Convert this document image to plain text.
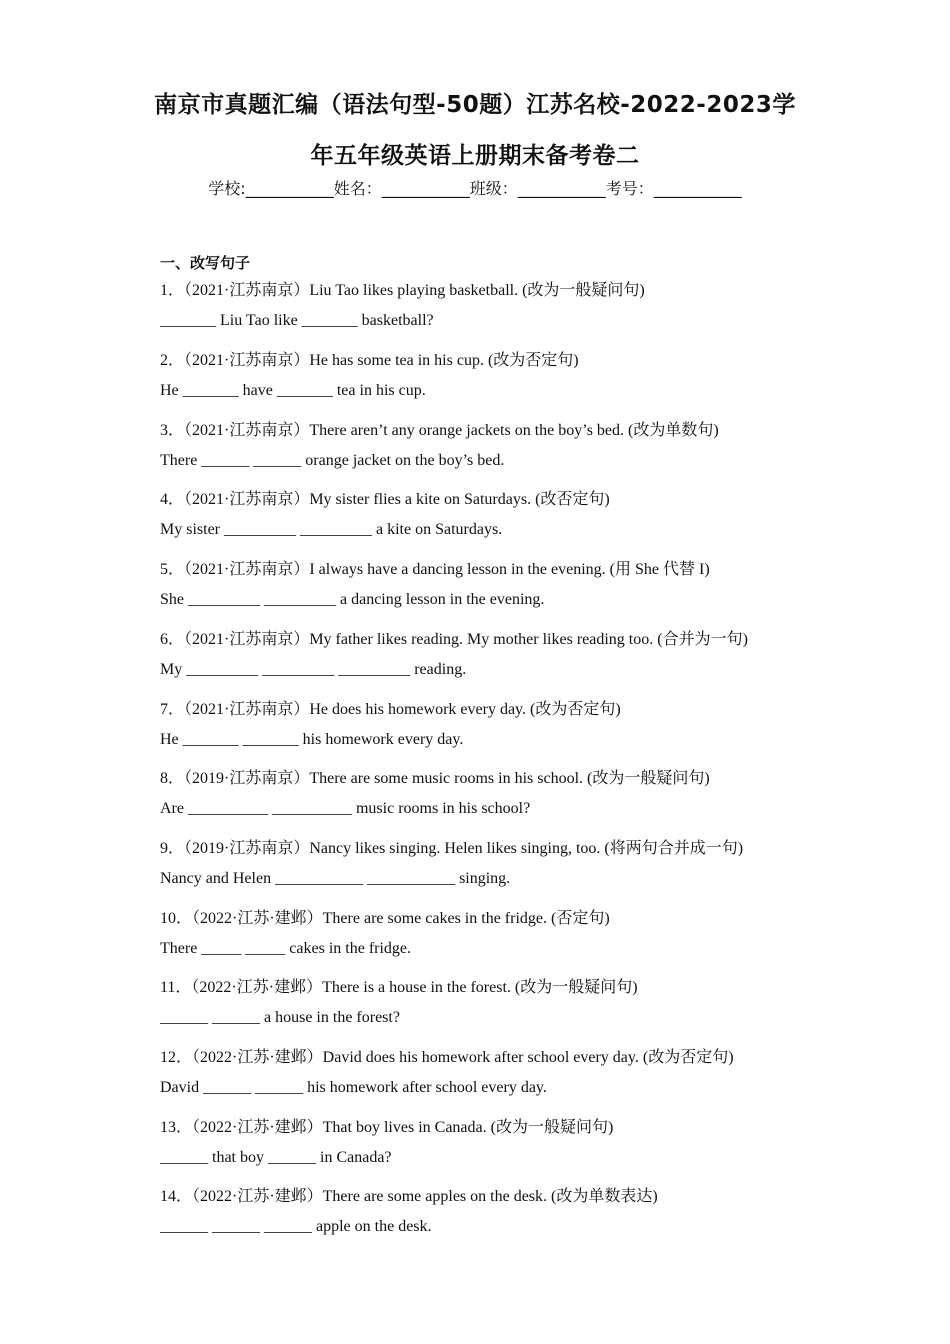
南京市真题汇编（语法句型-50题）江苏名校-2022-2023学
年五年级英语上册期末备考卷二
学校:___________姓名：___________班级：___________考号：___________
一、改写句子
1．（2021·江苏南京）Liu Tao likes playing basketball. (改为一般疑问句)
_______ Liu Tao like _______ basketball?
2．（2021·江苏南京）He has some tea in his cup. (改为否定句)
He _______ have _______ tea in his cup.
3．（2021·江苏南京）There aren’t any orange jackets on the boy’s bed. (改为单数句)
There ______ ______ orange jacket on the boy’s bed.
4．（2021·江苏南京）My sister flies a kite on Saturdays. (改否定句)
My sister _________ _________ a kite on Saturdays.
5．（2021·江苏南京）I always have a dancing lesson in the evening. (用 She 代替 I)
She _________ _________ a dancing lesson in the evening.
6．（2021·江苏南京）My father likes reading. My mother likes reading too. (合并为一句)
My _________ _________ _________ reading.
7．（2021·江苏南京）He does his homework every day. (改为否定句)
He _______ _______ his homework every day.
8．（2019·江苏南京）There are some music rooms in his school. (改为一般疑问句)
Are __________ __________ music rooms in his school?
9．（2019·江苏南京）Nancy likes singing. Helen likes singing, too. (将两句合并成一句)
Nancy and Helen ___________ ___________ singing.
10．（2022·江苏·建邺）There are some cakes in the fridge. (否定句)
There _____ _____ cakes in the fridge.
11．（2022·江苏·建邺）There is a house in the forest. (改为一般疑问句)
______ ______ a house in the forest?
12．（2022·江苏·建邺）David does his homework after school every day. (改为否定句)
David ______ ______ his homework after school every day.
13．（2022·江苏·建邺）That boy lives in Canada. (改为一般疑问句)
______ that boy ______ in Canada?
14．（2022·江苏·建邺）There are some apples on the desk. (改为单数表达)
______ ______ ______ apple on the desk.
